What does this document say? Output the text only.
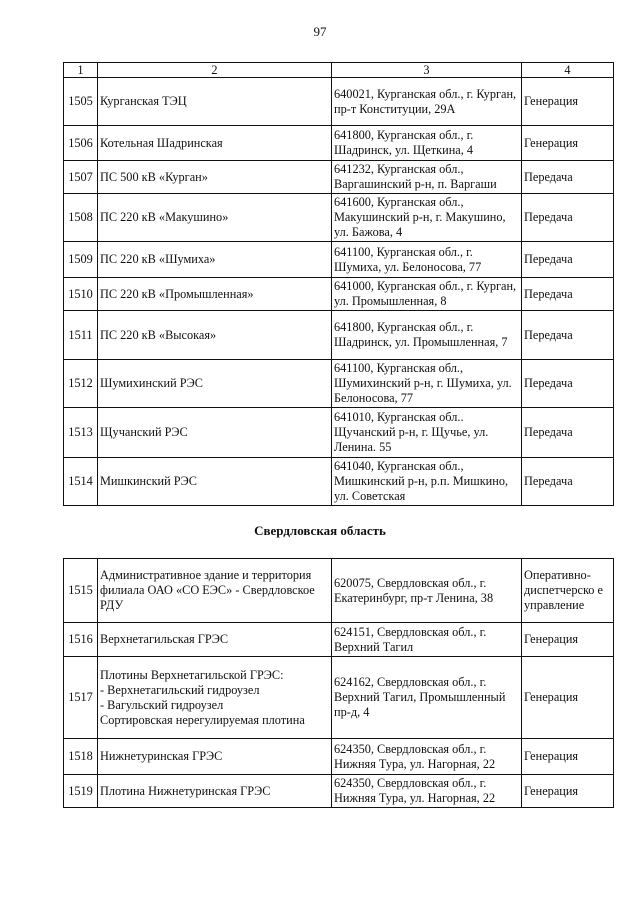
97
1	2	3	4
1505	Курганская ТЭЦ	640021, Курганская обл., г. Курган, пр-т Конституции, 29А	Генерация
1506	Котельная Шадринская	641800, Курганская обл., г. Шадринск, ул. Щеткина, 4	Генерация
1507	ПС 500 кВ «Курган»	641232, Курганская обл., Варгашинский р-н, п. Варгаши	Передача
1508	ПС 220 кВ «Макушино»	641600, Курганская обл., Макушинский р-н, г. Макушино, ул. Бажова, 4	Передача
1509	ПС 220 кВ «Шумиха»	641100, Курганская обл., г. Шумиха, ул. Белоносова, 77	Передача
1510	ПС 220 кВ «Промышленная»	641000, Курганская обл., г. Курган, ул. Промышленная, 8	Передача
1511	ПС 220 кВ «Высокая»	641800, Курганская обл., г. Шадринск, ул. Промышленная, 7	Передача
1512	Шумихинский РЭС	641100, Курганская обл., Шумихинский р-н, г. Шумиха, ул. Белоносова, 77	Передача
1513	Щучанский РЭС	641010, Курганская обл.. Щучанский р-н, г. Щучье, ул. Ленина. 55	Передача
1514	Мишкинский РЭС	641040, Курганская обл., Мишкинский р-н, р.п. Мишкино, ул. Советская	Передача
Свердловская область
1515	Административное здание и территория филиала ОАО «СО ЕЭС» - Свердловское РДУ	620075, Свердловская обл., г. Екатеринбург, пр-т Ленина, 38	Оперативно-диспетчерско е управление
1516	Верхнетагильская ГРЭС	624151, Свердловская обл., г. Верхний Тагил	Генерация
1517	Плотины Верхнетагильской ГРЭС:
- Верхнетагильский гидроузел
- Вагульский гидроузел
Сортировская нерегулируемая плотина	624162, Свердловская обл., г. Верхний Тагил, Промышленный пр-д, 4	Генерация
1518	Нижнетуринская ГРЭС	624350, Свердловская обл., г. Нижняя Тура, ул. Нагорная, 22	Генерация
1519	Плотина Нижнетуринская ГРЭС	624350, Свердловская обл., г. Нижняя Тура, ул. Нагорная, 22	Генерация
